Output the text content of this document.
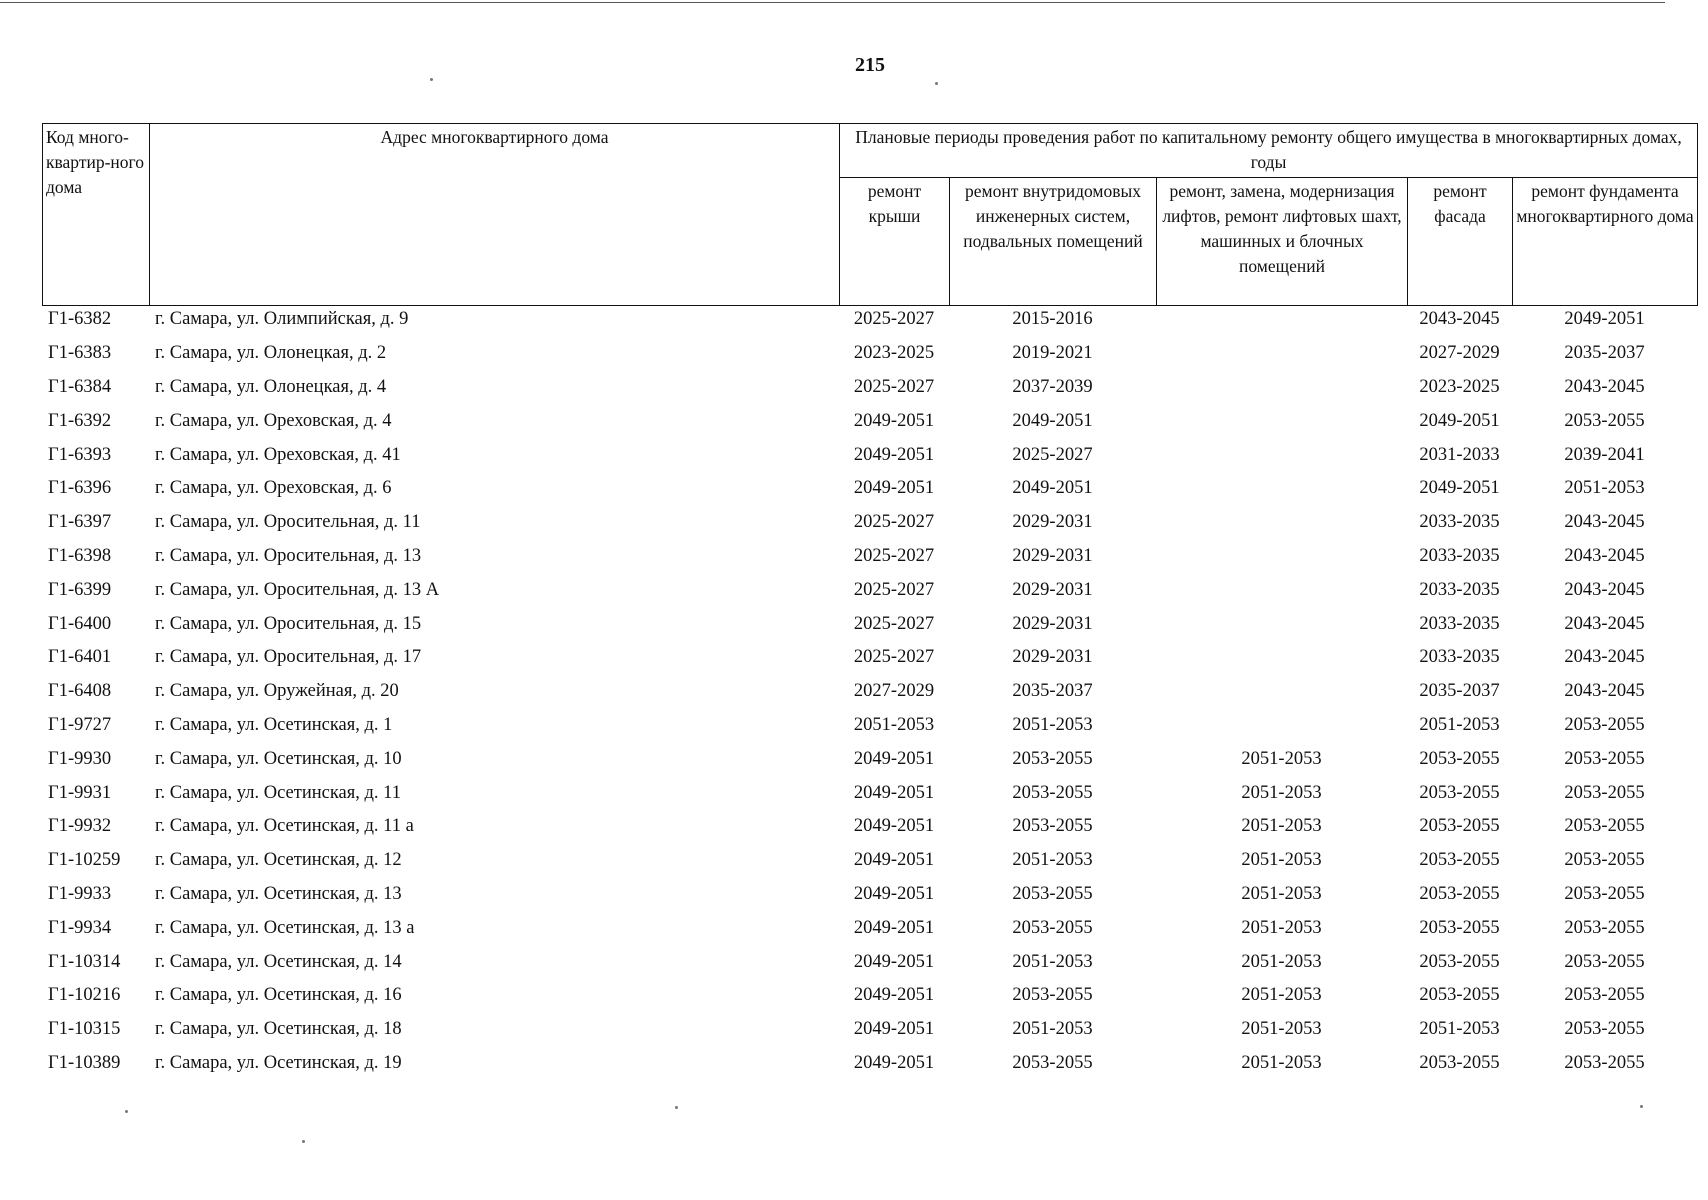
215
Код много-квартир-ного дома	Адрес многоквартирного дома	Плановые периоды проведения работ по капитальному ремонту общего имущества в многоквартирных домах, годы				
		ремонт крыши	ремонт внутридомовых инженерных систем, подвальных помещений	ремонт, замена, модернизация лифтов, ремонт лифтовых шахт, машинных и блочных помещений	ремонт фасада	ремонт фундамента многоквартирного дома
Г1-6382	г. Самара, ул. Олимпийская, д. 9	2025-2027	2015-2016		2043-2045	2049-2051
Г1-6383	г. Самара, ул. Олонецкая, д. 2	2023-2025	2019-2021		2027-2029	2035-2037
Г1-6384	г. Самара, ул. Олонецкая, д. 4	2025-2027	2037-2039		2023-2025	2043-2045
Г1-6392	г. Самара, ул. Ореховская, д. 4	2049-2051	2049-2051		2049-2051	2053-2055
Г1-6393	г. Самара, ул. Ореховская, д. 41	2049-2051	2025-2027		2031-2033	2039-2041
Г1-6396	г. Самара, ул. Ореховская, д. 6	2049-2051	2049-2051		2049-2051	2051-2053
Г1-6397	г. Самара, ул. Оросительная, д. 11	2025-2027	2029-2031		2033-2035	2043-2045
Г1-6398	г. Самара, ул. Оросительная, д. 13	2025-2027	2029-2031		2033-2035	2043-2045
Г1-6399	г. Самара, ул. Оросительная, д. 13 А	2025-2027	2029-2031		2033-2035	2043-2045
Г1-6400	г. Самара, ул. Оросительная, д. 15	2025-2027	2029-2031		2033-2035	2043-2045
Г1-6401	г. Самара, ул. Оросительная, д. 17	2025-2027	2029-2031		2033-2035	2043-2045
Г1-6408	г. Самара, ул. Оружейная, д. 20	2027-2029	2035-2037		2035-2037	2043-2045
Г1-9727	г. Самара, ул. Осетинская, д. 1	2051-2053	2051-2053		2051-2053	2053-2055
Г1-9930	г. Самара, ул. Осетинская, д. 10	2049-2051	2053-2055	2051-2053	2053-2055	2053-2055
Г1-9931	г. Самара, ул. Осетинская, д. 11	2049-2051	2053-2055	2051-2053	2053-2055	2053-2055
Г1-9932	г. Самара, ул. Осетинская, д. 11 а	2049-2051	2053-2055	2051-2053	2053-2055	2053-2055
Г1-10259	г. Самара, ул. Осетинская, д. 12	2049-2051	2051-2053	2051-2053	2053-2055	2053-2055
Г1-9933	г. Самара, ул. Осетинская, д. 13	2049-2051	2053-2055	2051-2053	2053-2055	2053-2055
Г1-9934	г. Самара, ул. Осетинская, д. 13 а	2049-2051	2053-2055	2051-2053	2053-2055	2053-2055
Г1-10314	г. Самара, ул. Осетинская, д. 14	2049-2051	2051-2053	2051-2053	2053-2055	2053-2055
Г1-10216	г. Самара, ул. Осетинская, д. 16	2049-2051	2053-2055	2051-2053	2053-2055	2053-2055
Г1-10315	г. Самара, ул. Осетинская, д. 18	2049-2051	2051-2053	2051-2053	2051-2053	2053-2055
Г1-10389	г. Самара, ул. Осетинская, д. 19	2049-2051	2053-2055	2051-2053	2053-2055	2053-2055
